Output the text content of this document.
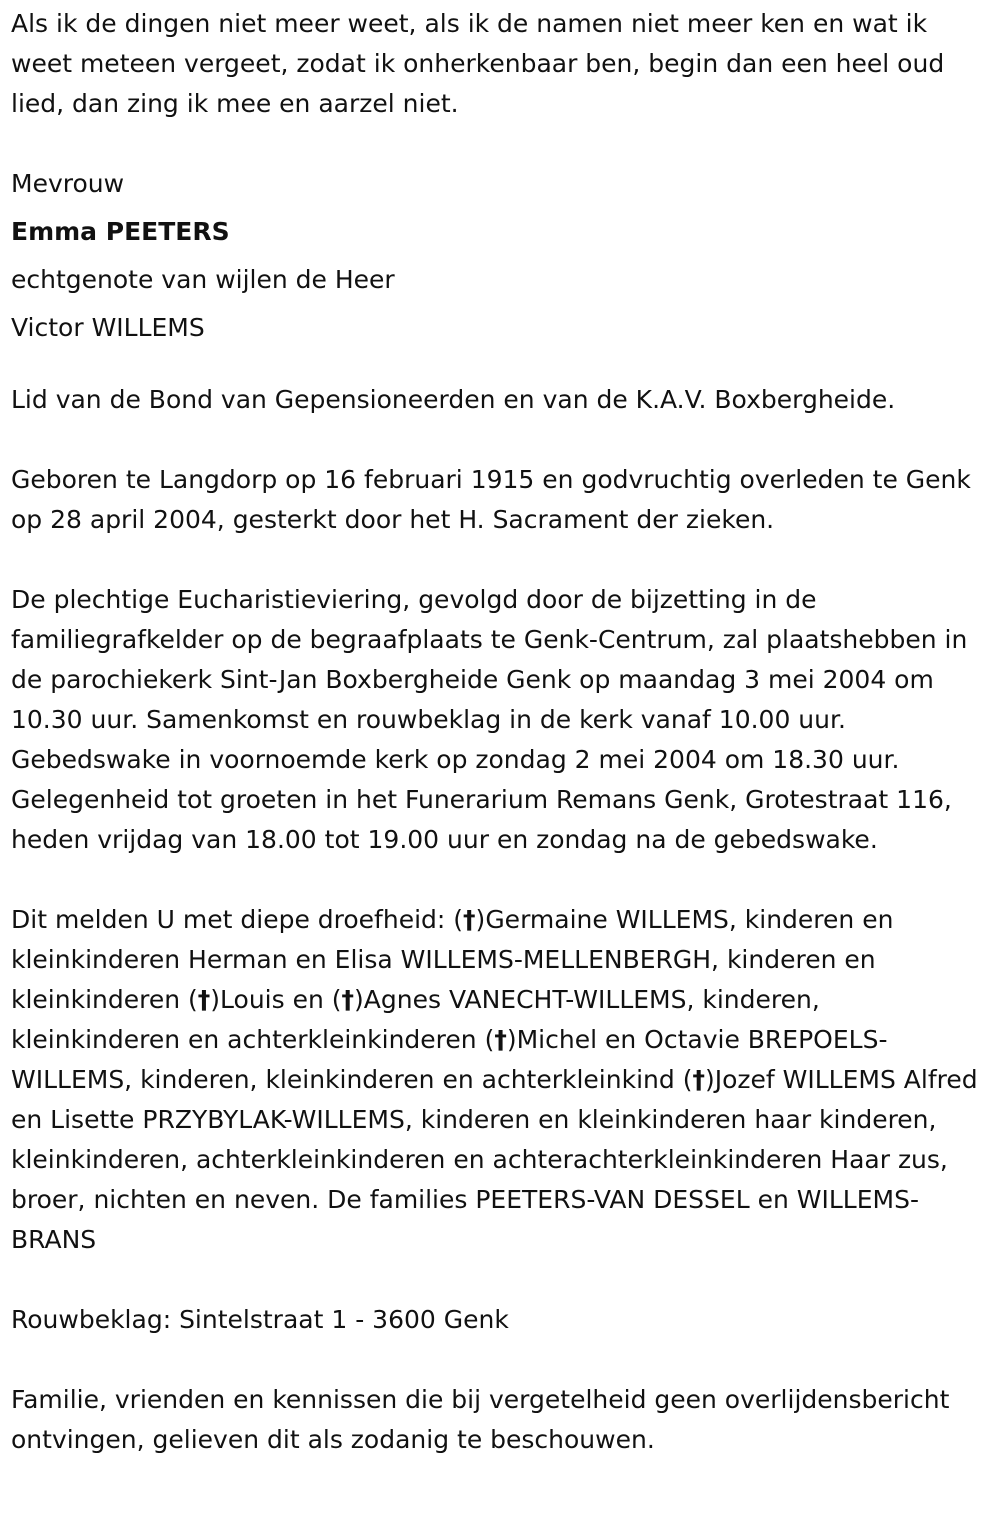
Als ik de dingen niet meer weet, als ik de namen niet meer ken en wat ik weet meteen vergeet, zodat ik onherkenbaar ben, begin dan een heel oud lied, dan zing ik mee en aarzel niet.

Mevrouw
Emma PEETERS
echtgenote van wijlen de Heer
Victor WILLEMS

Lid van de Bond van Gepensioneerden en van de K.A.V. Boxbergheide.

Geboren te Langdorp op 16 februari 1915 en godvruchtig overleden te Genk op 28 april 2004, gesterkt door het H. Sacrament der zieken.

De plechtige Eucharistieviering, gevolgd door de bijzetting in de familiegrafkelder op de begraafplaats te Genk-Centrum, zal plaatshebben in de parochiekerk Sint-Jan Boxbergheide Genk op maandag 3 mei 2004 om 10.30 uur. Samenkomst en rouwbeklag in de kerk vanaf 10.00 uur. Gebedswake in voornoemde kerk op zondag 2 mei 2004 om 18.30 uur. Gelegenheid tot groeten in het Funerarium Remans Genk, Grotestraat 116, heden vrijdag van 18.00 tot 19.00 uur en zondag na de gebedswake.

Dit melden U met diepe droefheid: (†)Germaine WILLEMS, kinderen en kleinkinderen Herman en Elisa WILLEMS-MELLENBERGH, kinderen en kleinkinderen (†)Louis en (†)Agnes VANECHT-WILLEMS, kinderen, kleinkinderen en achterkleinkinderen (†)Michel en Octavie BREPOELS-WILLEMS, kinderen, kleinkinderen en achterkleinkind (†)Jozef WILLEMS Alfred en Lisette PRZYBYLAK-WILLEMS, kinderen en kleinkinderen haar kinderen, kleinkinderen, achterkleinkinderen en achterachterkleinkinderen Haar zus, broer, nichten en neven. De families PEETERS-VAN DESSEL en WILLEMS-BRANS

Rouwbeklag: Sintelstraat 1 - 3600 Genk

Familie, vrienden en kennissen die bij vergetelheid geen overlijdensbericht ontvingen, gelieven dit als zodanig te beschouwen.
